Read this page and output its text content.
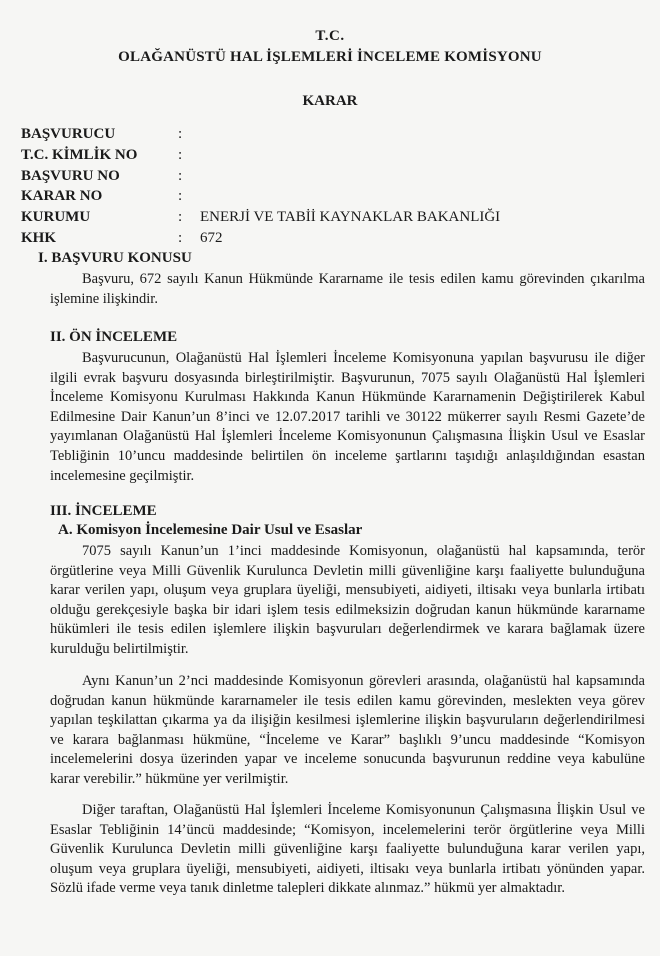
T.C.
OLAĞANÜSTÜ HAL İŞLEMLERİ İNCELEME KOMİSYONU
KARAR
BAŞVURUCU	:
T.C. KİMLİK NO	:
BAŞVURU NO	:
KARAR NO	:
KURUMU	:	ENERJİ VE TABİİ KAYNAKLAR BAKANLIĞI
KHK	:	672
I. BAŞVURU KONUSU
Başvuru, 672 sayılı Kanun Hükmünde Kararname ile tesis edilen kamu görevinden çıkarılma işlemine ilişkindir.
II. ÖN İNCELEME
Başvurucunun, Olağanüstü Hal İşlemleri İnceleme Komisyonuna yapılan başvurusu ile diğer ilgili evrak başvuru dosyasında birleştirilmiştir. Başvurunun, 7075 sayılı Olağanüstü Hal İşlemleri İnceleme Komisyonu Kurulması Hakkında Kanun Hükmünde Kararnamenin Değiştirilerek Kabul Edilmesine Dair Kanun’un 8’inci ve 12.07.2017 tarihli ve 30122 mükerrer sayılı Resmi Gazete’de yayımlanan Olağanüstü Hal İşlemleri İnceleme Komisyonunun Çalışmasına İlişkin Usul ve Esaslar Tebliğinin 10’uncu maddesinde belirtilen ön inceleme şartlarını taşıdığı anlaşıldığından esastan incelemesine geçilmiştir.
III. İNCELEME
A. Komisyon İncelemesine Dair Usul ve Esaslar
7075 sayılı Kanun’un 1’inci maddesinde Komisyonun, olağanüstü hal kapsamında, terör örgütlerine veya Milli Güvenlik Kurulunca Devletin milli güvenliğine karşı faaliyette bulunduğuna karar verilen yapı, oluşum veya gruplara üyeliği, mensubiyeti, aidiyeti, iltisakı veya bunlarla irtibatı olduğu gerekçesiyle başka bir idari işlem tesis edilmeksizin doğrudan kanun hükmünde kararname hükümleri ile tesis edilen işlemlere ilişkin başvuruları değerlendirmek ve karara bağlamak üzere kurulduğu belirtilmiştir.
Aynı Kanun’un 2’nci maddesinde Komisyonun görevleri arasında, olağanüstü hal kapsamında doğrudan kanun hükmünde kararnameler ile tesis edilen kamu görevinden, meslekten veya görev yapılan teşkilattan çıkarma ya da ilişiğin kesilmesi işlemlerine ilişkin başvuruların değerlendirilmesi ve karara bağlanması hükmüne, “İnceleme ve Karar” başlıklı 9’uncu maddesinde “Komisyon incelemelerini dosya üzerinden yapar ve inceleme sonucunda başvurunun reddine veya kabulüne karar verebilir.” hükmüne yer verilmiştir.
Diğer taraftan, Olağanüstü Hal İşlemleri İnceleme Komisyonunun Çalışmasına İlişkin Usul ve Esaslar Tebliğinin 14’üncü maddesinde; “Komisyon, incelemelerini terör örgütlerine veya Milli Güvenlik Kurulunca Devletin milli güvenliğine karşı faaliyette bulunduğuna karar verilen yapı, oluşum veya gruplara üyeliği, mensubiyeti, aidiyeti, iltisakı veya bunlarla irtibatı yönünden yapar. Sözlü ifade verme veya tanık dinletme talepleri dikkate alınmaz.” hükmü yer almaktadır.
